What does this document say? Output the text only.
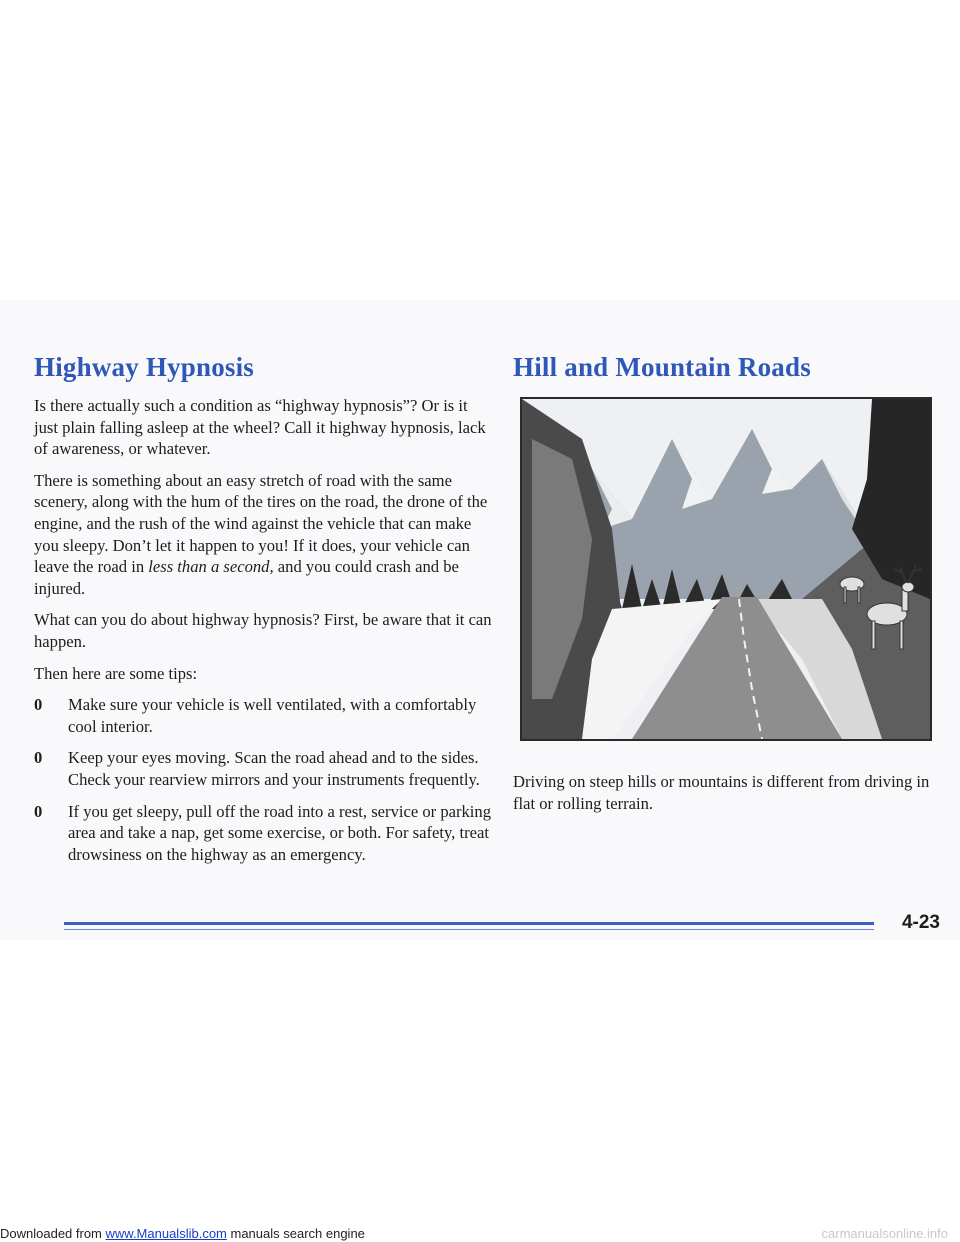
Highway Hypnosis

Is there actually such a condition as “highway hypnosis”? Or is it just plain falling asleep at the wheel? Call it highway hypnosis, lack of awareness, or whatever.

There is something about an easy stretch of road with the same scenery, along with the hum of the tires on the road, the drone of the engine, and the rush of the wind against the vehicle that can make you sleepy. Don’t let it happen to you! If it does, your vehicle can leave the road in less than a second, and you could crash and be injured.

What can you do about highway hypnosis? First, be aware that it can happen.

Then here are some tips:

0 Make sure your vehicle is well ventilated, with a comfortably cool interior.
0 Keep your eyes moving. Scan the road ahead and to the sides. Check your rearview mirrors and your instruments frequently.
0 If you get sleepy, pull off the road into a rest, service or parking area and take a nap, get some exercise, or both. For safety, treat drowsiness on the highway as an emergency.
Hill and Mountain Roads

Driving on steep hills or mountains is different from driving in flat or rolling terrain.

4-23
Downloaded from www.Manualslib.com manuals search engine	carmanualsonline.info
